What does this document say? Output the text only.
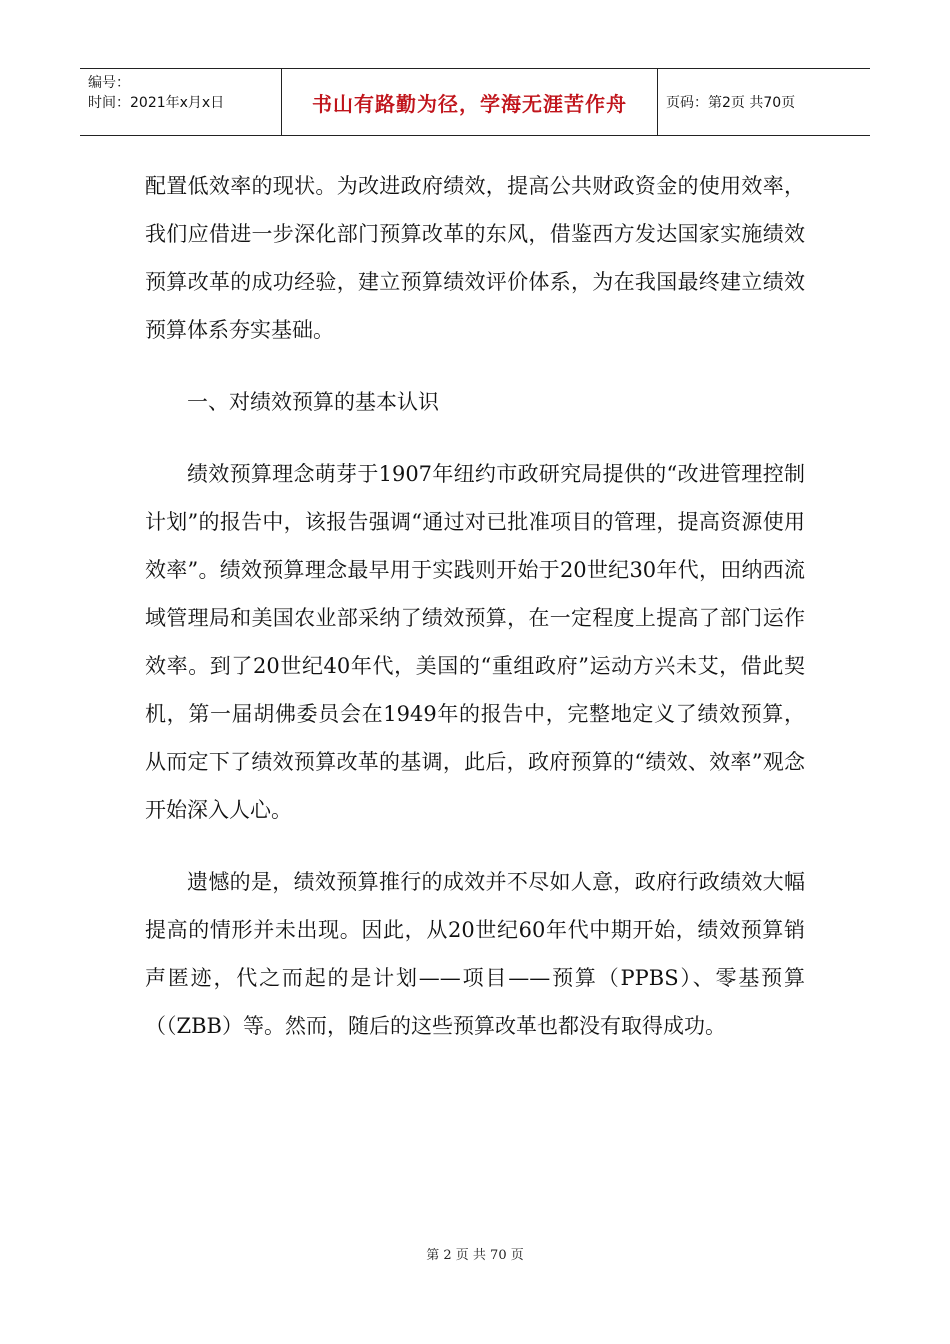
编号：
时间：2021年x月x日	书山有路勤为径，学海无涯苦作舟	页码：第2页 共70页

配置低效率的现状。为改进政府绩效，提高公共财政资金的使用效率，我们应借进一步深化部门预算改革的东风，借鉴西方发达国家实施绩效预算改革的成功经验，建立预算绩效评价体系，为在我国最终建立绩效预算体系夯实基础。

一、对绩效预算的基本认识

绩效预算理念萌芽于1907年纽约市政研究局提供的“改进管理控制计划”的报告中，该报告强调“通过对已批准项目的管理，提高资源使用效率”。绩效预算理念最早用于实践则开始于20世纪30年代，田纳西流域管理局和美国农业部采纳了绩效预算，在一定程度上提高了部门运作效率。到了20世纪40年代，美国的“重组政府”运动方兴未艾，借此契机，第一届胡佛委员会在1949年的报告中，完整地定义了绩效预算，从而定下了绩效预算改革的基调，此后，政府预算的“绩效、效率”观念开始深入人心。

遗憾的是，绩效预算推行的成效并不尽如人意，政府行政绩效大幅提高的情形并未出现。因此，从20世纪60年代中期开始，绩效预算销声匿迹，代之而起的是计划——项目——预算（PPBS）、零基预算（（ZBB）等。然而，随后的这些预算改革也都没有取得成功。

第 2 页 共 70 页
